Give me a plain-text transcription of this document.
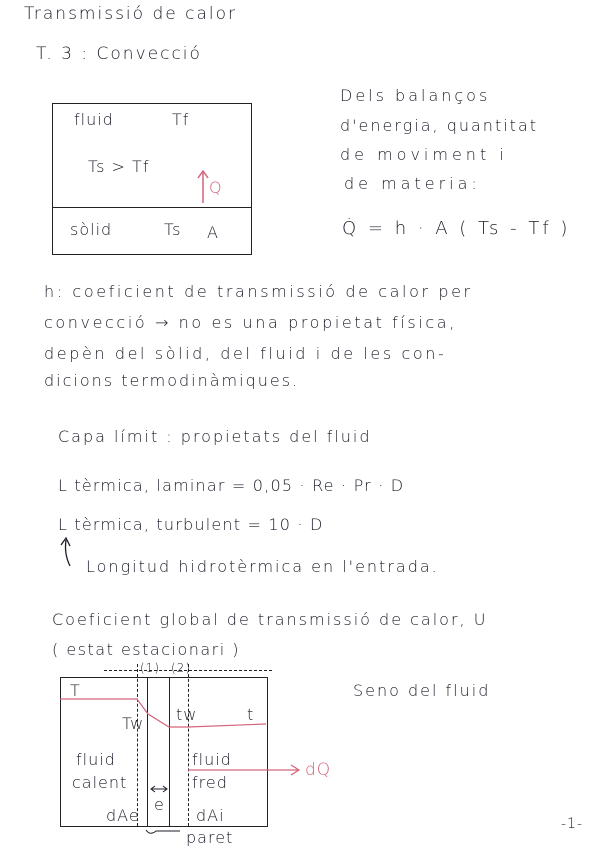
Transmissió de calor
T. 3 : Convecció
fluid	Tf
Ts > Tf
Q
sòlid	Ts A
Dels balanços
d'energia, quantitat
de moviment i
de materia:
Q̇ = h · A ( Ts - Tf )
h: coeficient de transmissió de calor per
convecció → no es una propietat física,
depèn del sòlid, del fluid i de les con-
dicions termodinàmiques.
Capa límit : propietats del fluid
L tèrmica, laminar = 0,05 · Re · Pr · D
L tèrmica, turbulent = 10 · D
Longitud hidrotèrmica en l'entrada.
Coeficient global de transmissió de calor, U
( estat estacionari )
(1) (2)
T
Tw tw	t
fluid
calent
fluid
fred
dAe	dAi
e
dQ
paret
Seno del fluid
-1-
